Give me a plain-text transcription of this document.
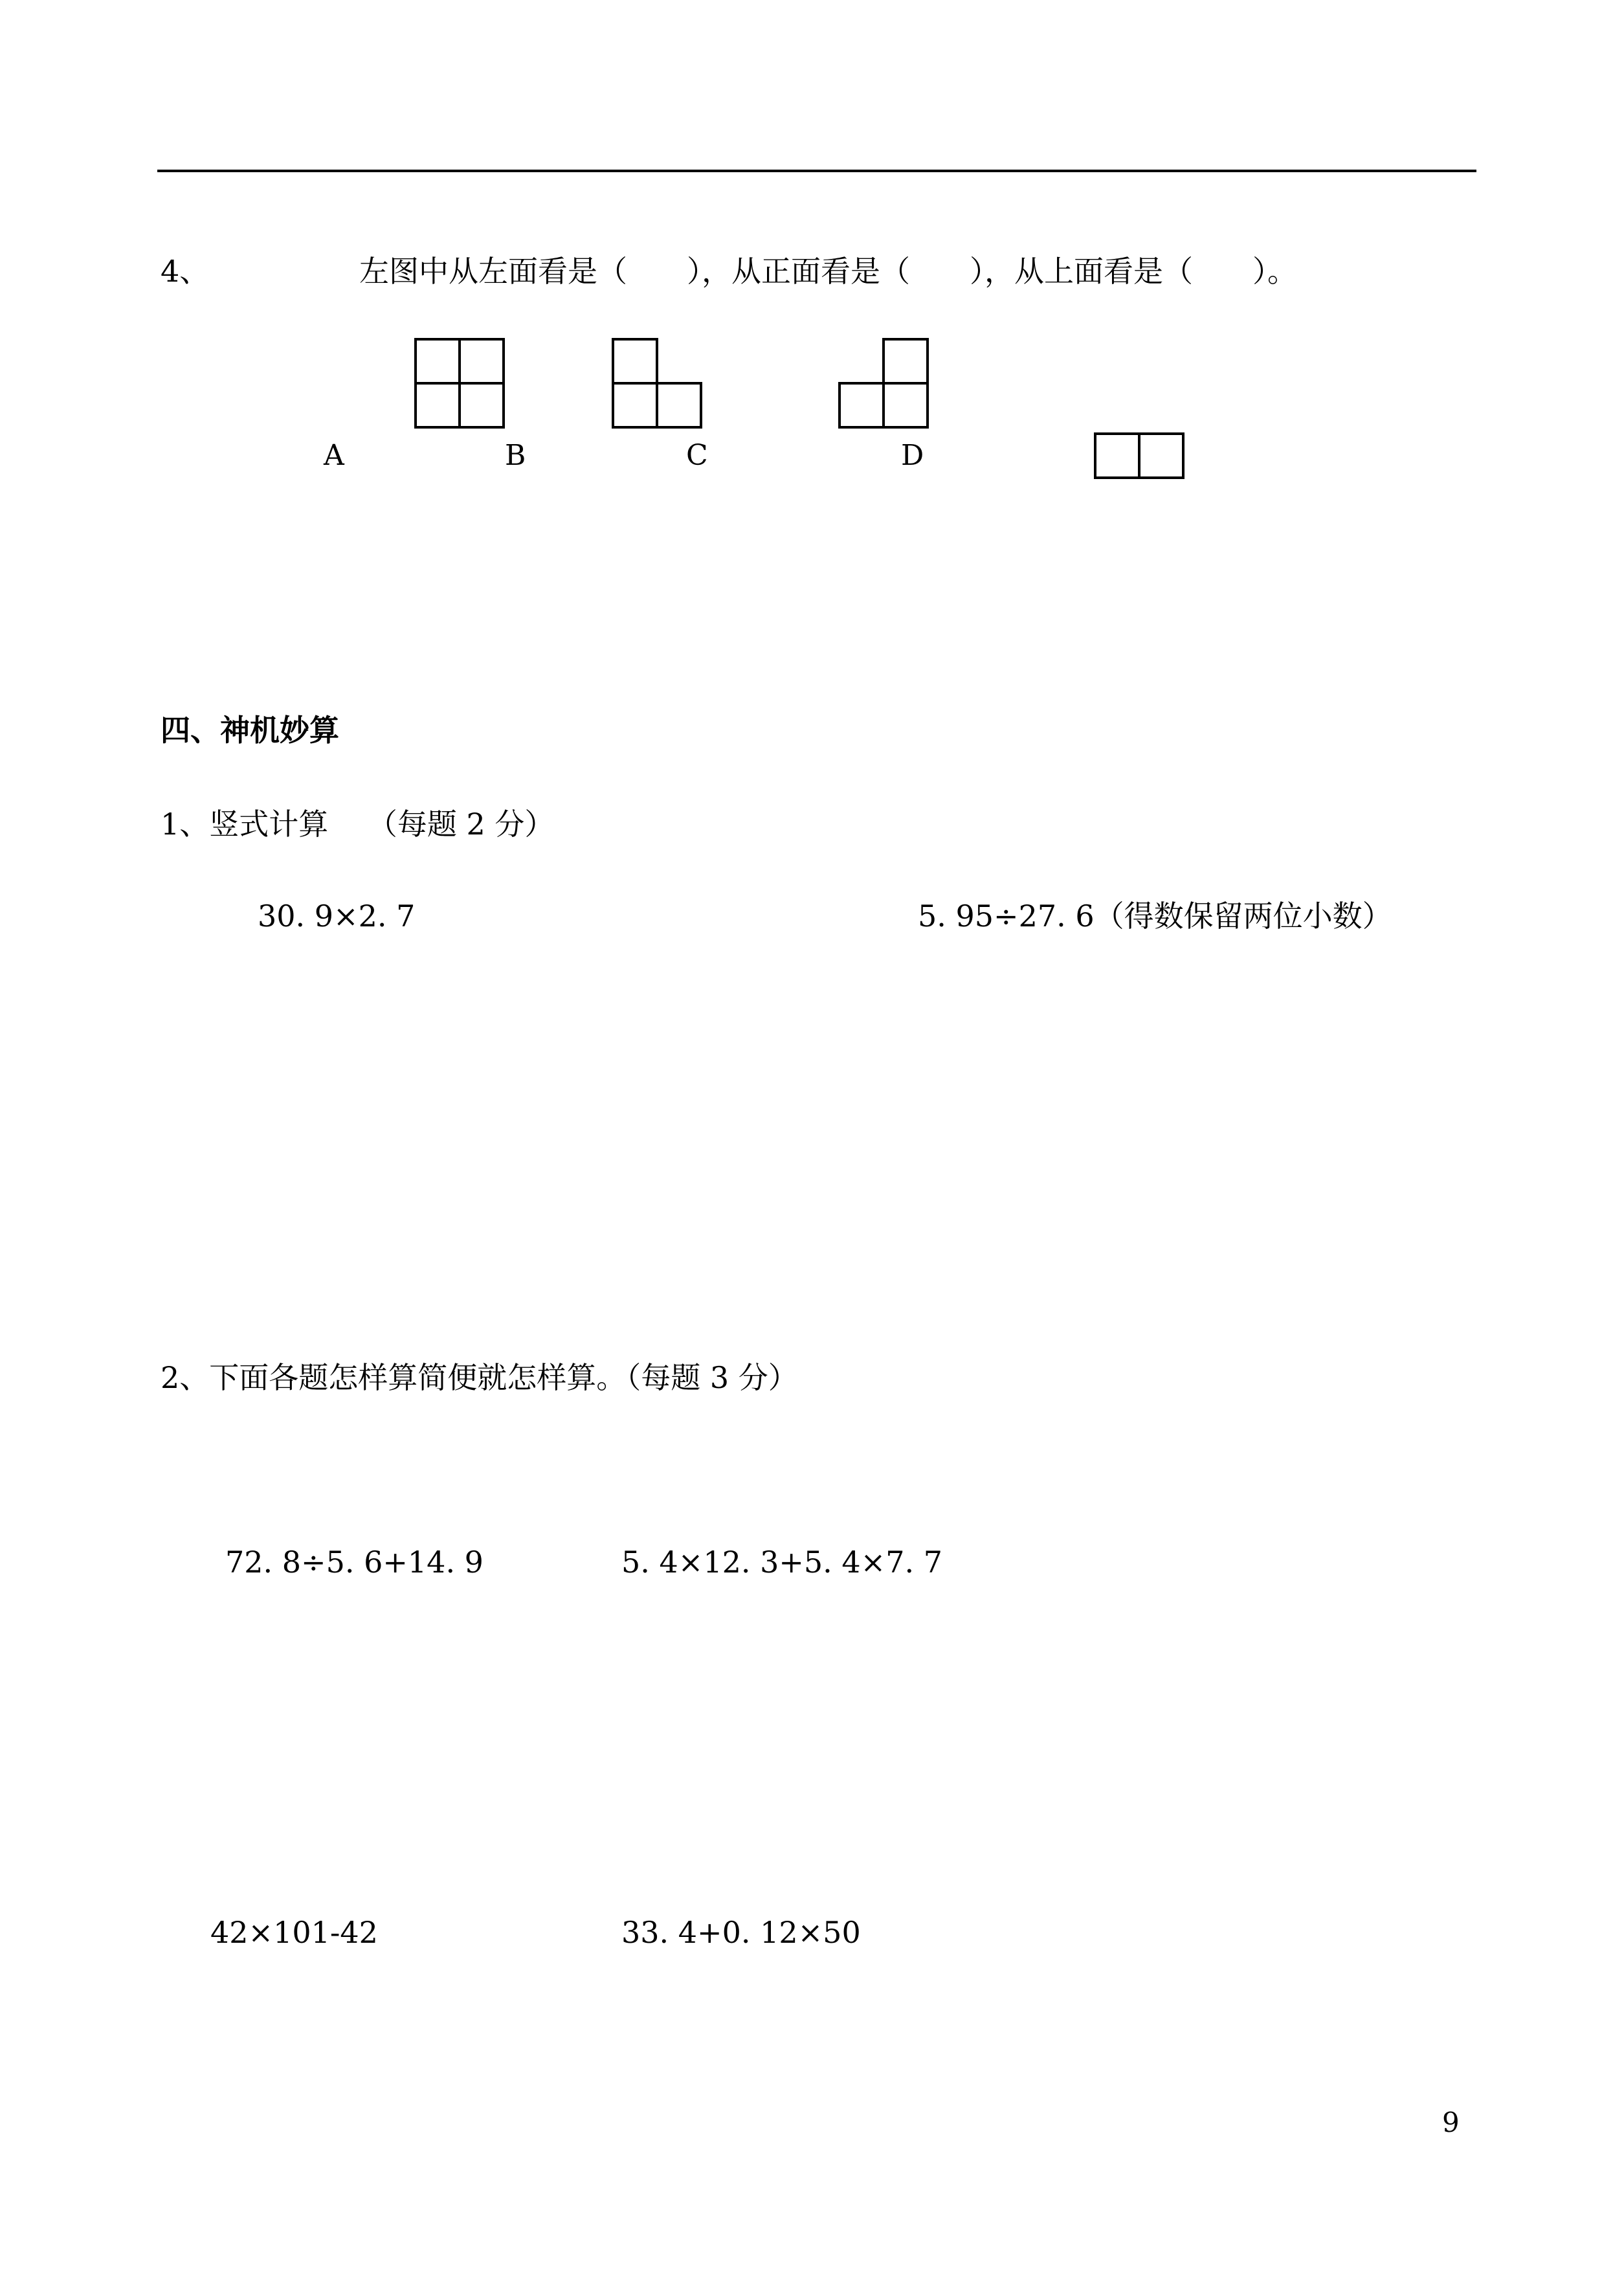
4、	左图中从左面看是（　　），从正面看是（　　），从上面看是（　　）。
A	B	C	D
四、神机妙算
1、竖式计算　 （每题 2 分）
30. 9×2. 7	5. 95÷27. 6（得数保留两位小数）
2、下面各题怎样算简便就怎样算。（每题 3 分）
72. 8÷5. 6+14. 9	5. 4×12. 3+5. 4×7. 7
42×101-42	33. 4+0. 12×50
9
